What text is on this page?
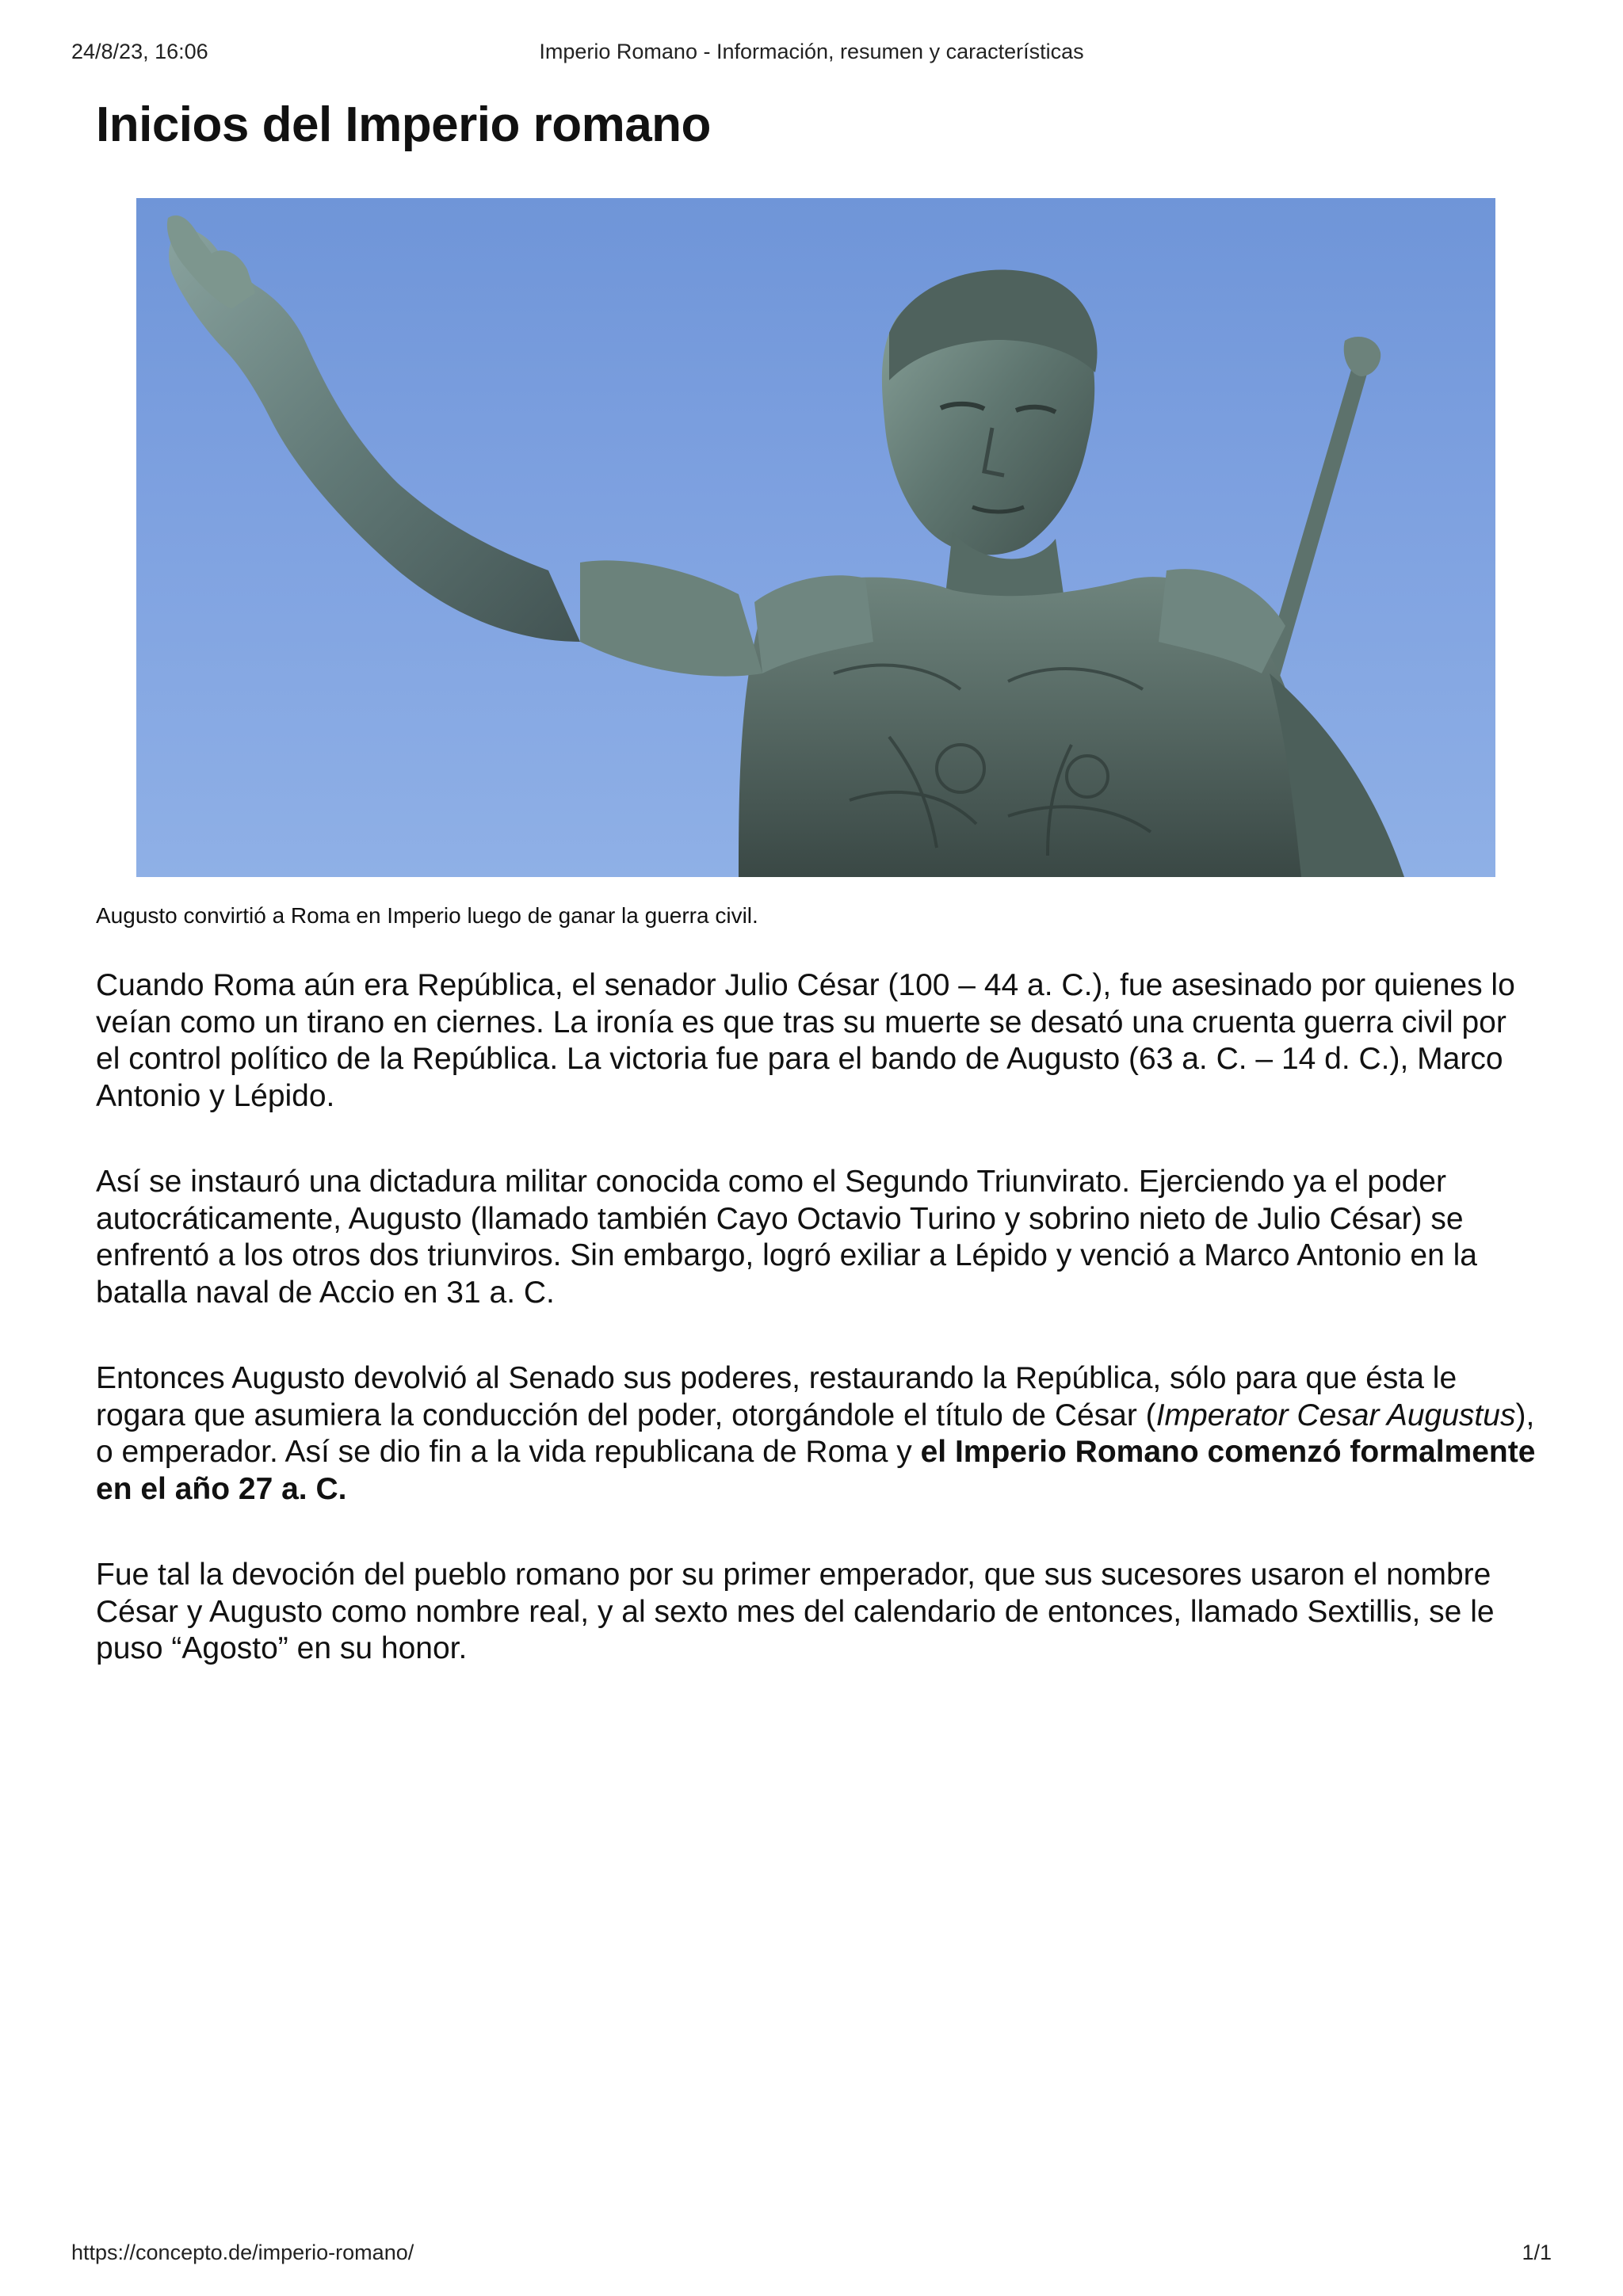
24/8/23, 16:06	Imperio Romano - Información, resumen y características
Inicios del Imperio romano

Augusto convirtió a Roma en Imperio luego de ganar la guerra civil.

Cuando Roma aún era República, el senador Julio César (100 – 44 a. C.), fue asesinado por quienes lo veían como un tirano en ciernes. La ironía es que tras su muerte se desató una cruenta guerra civil por el control político de la República. La victoria fue para el bando de Augusto (63 a. C. – 14 d. C.), Marco Antonio y Lépido.

Así se instauró una dictadura militar conocida como el Segundo Triunvirato. Ejerciendo ya el poder autocráticamente, Augusto (llamado también Cayo Octavio Turino y sobrino nieto de Julio César) se enfrentó a los otros dos triunviros. Sin embargo, logró exiliar a Lépido y venció a Marco Antonio en la batalla naval de Accio en 31 a. C.

Entonces Augusto devolvió al Senado sus poderes, restaurando la República, sólo para que ésta le rogara que asumiera la conducción del poder, otorgándole el título de César (Imperator Cesar Augustus), o emperador. Así se dio fin a la vida republicana de Roma y el Imperio Romano comenzó formalmente en el año 27 a. C.

Fue tal la devoción del pueblo romano por su primer emperador, que sus sucesores usaron el nombre César y Augusto como nombre real, y al sexto mes del calendario de entonces, llamado Sextillis, se le puso “Agosto” en su honor.

https://concepto.de/imperio-romano/	1/1
